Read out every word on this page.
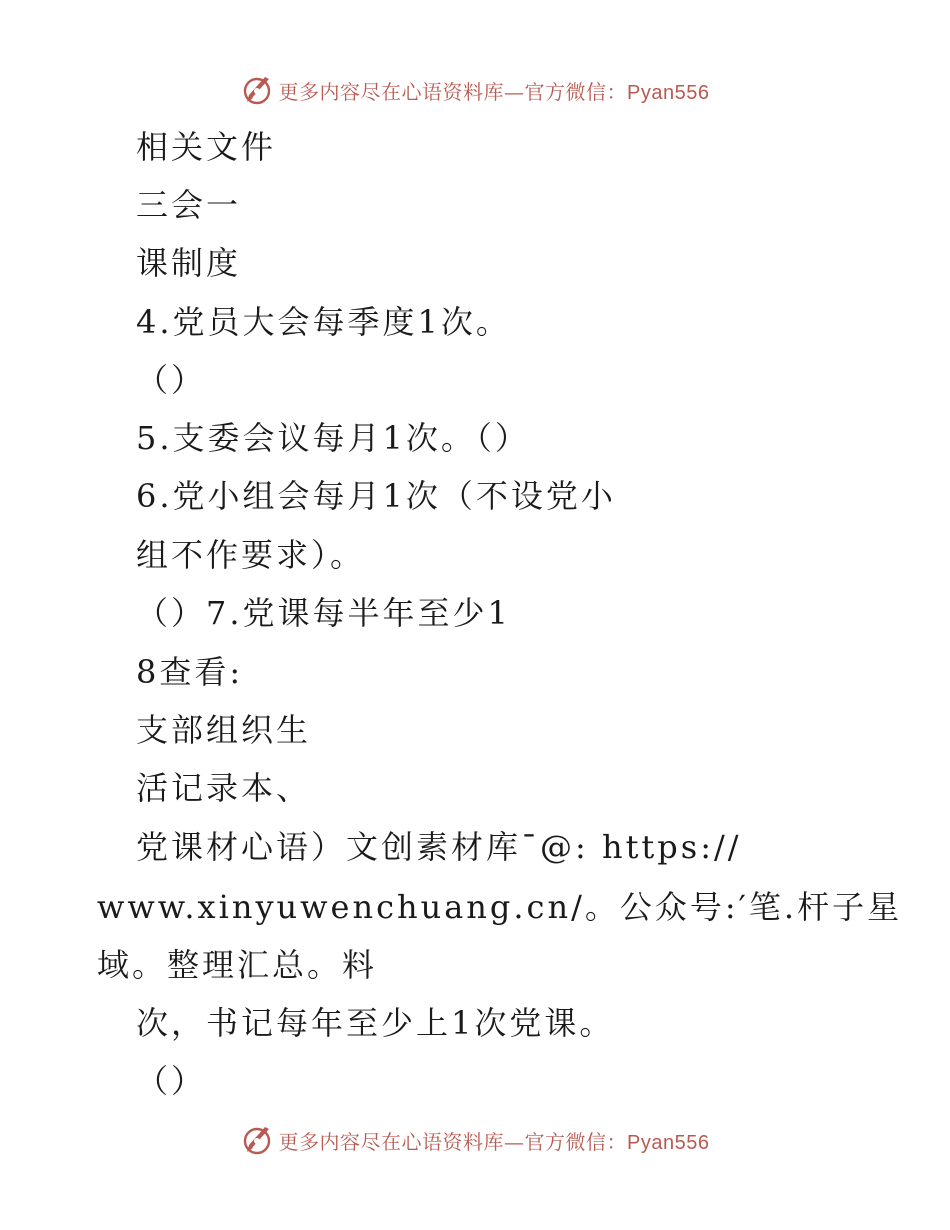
更多内容尽在心语资料库—官方微信：Pyan556
相关文件
三会一
课制度
4.党员大会每季度1次。
（）
5.支委会议每月1次。（）
6.党小组会每月1次（不设党小
组不作要求）。
（）7.党课每半年至少1
8查看:
支部组织生
活记录本、
党课材心语）文创素材库¯@: https://
www.xinyuwenchuang.cn/。公众号:′笔.杆子星
域。整理汇总。料
次，书记每年至少上1次党课。
（）
更多内容尽在心语资料库—官方微信：Pyan556
